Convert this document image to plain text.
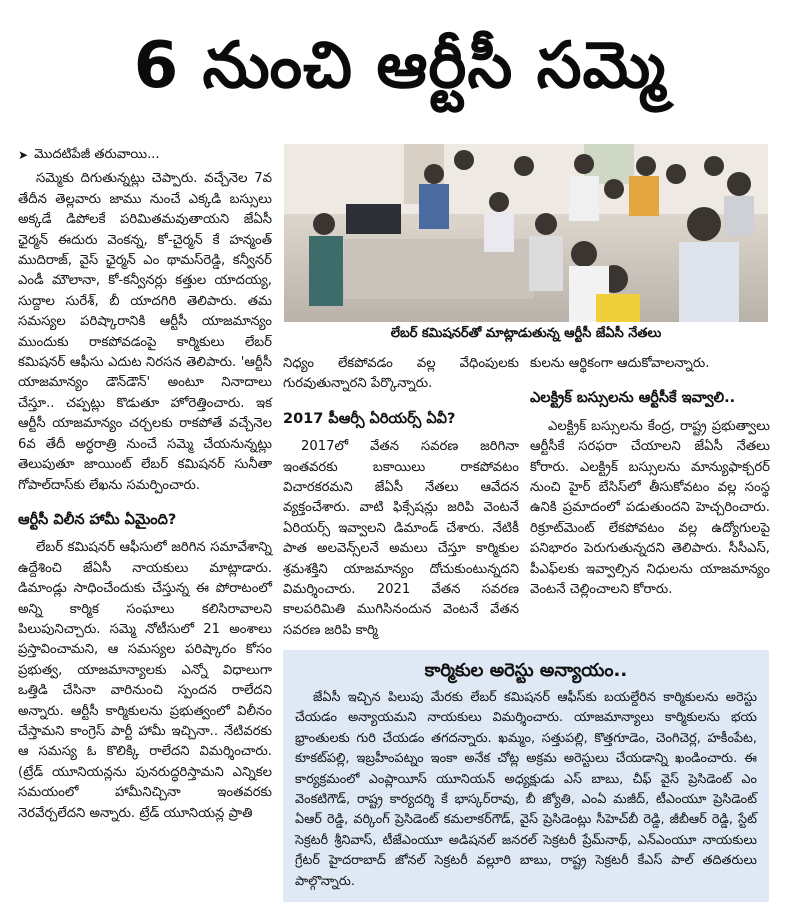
6 నుంచి ఆర్టీసీ సమ్మె
➤ మొదటిపేజీ తరువాయి...

సమ్మెకు దిగుతున్నట్లు చెప్పారు. వచ్చేనెల 7వ తేదీన తెల్లవారు జాము నుంచే ఎక్కడి బస్సులు అక్కడే డిపోలకే పరిమితమవుతాయని జేఏసీ ఛైర్మన్ ఈదురు వెంకన్న, కో-చైర్మన్ కే హన్మంత్ ముదిరాజ్, వైస్ ఛైర్మన్ ఎం థామస్‌రెడ్డి, కన్వీనర్ ఎండీ మౌలానా, కో-కన్వీనర్లు కత్తుల యాదయ్య, సుద్దాల సురేశ్, బీ యాదగిరి తెలిపారు. తమ సమస్యల పరిష్కారానికి ఆర్టీసీ యాజమాన్యం ముందుకు రాకపోవడంపై కార్మికులు లేబర్ కమిషనర్ ఆఫీసు ఎదుట నిరసన తెలిపారు. 'ఆర్టీసీ యాజమాన్యం డౌన్‌డౌన్' అంటూ నినాదాలు చేస్తూ.. చప్పట్లు కొడుతూ హోరెత్తించారు. ఇక ఆర్టీసీ యాజమాన్యం చర్చలకు రాకపోతే వచ్చేనెల 6వ తేదీ అర్ధరాత్రి నుంచే సమ్మె చేయనున్నట్లు తెలుపుతూ జాయింట్ లేబర్ కమిషనర్ సునీతా గోపాల్‌దాస్‌కు లేఖను సమర్పించారు.

ఆర్టీసీ విలీన హామీ ఏమైంది?

లేబర్ కమిషనర్ ఆఫీసులో జరిగిన సమావేశాన్ని ఉద్దేశించి జేఏసీ నాయకులు మాట్లాడారు. డిమాండ్లు సాధించేందుకు చేస్తున్న ఈ పోరాటంలో అన్ని కార్మిక సంఘాలు కలిసిరావాలని పిలుపునిచ్చారు. సమ్మె నోటీసులో 21 అంశాలు ప్రస్తావించామని, ఆ సమస్యల పరిష్కారం కోసం ప్రభుత్వ, యాజమాన్యాలకు ఎన్నో విధాలుగా ఒత్తిడి చేసినా వారినుంచి స్పందన రాలేదని అన్నారు. ఆర్టీసీ కార్మికులను ప్రభుత్వంలో విలీనం చేస్తామని కాంగ్రెస్ పార్టీ హామీ ఇచ్చినా.. నేటివరకు ఆ సమస్య ఓ కొలిక్కి రాలేదని విమర్శించారు. (ట్రేడ్ యూనియన్లను పునరుద్ధరిస్తామని ఎన్నికల సమయంలో హామీనిచ్చినా ఇంతవరకు నెరవేర్చలేదని అన్నారు. ట్రేడ్ యూనియన్ల ప్రాతి

లేబర్ కమిషనర్‌తో మాట్లాడుతున్న ఆర్టీసీ జేఏసీ నేతలు

నిధ్యం లేకపోవడం వల్ల వేధింపులకు గురవుతున్నారని పేర్కొన్నారు.

2017 పీఆర్సీ ఏరియర్స్ ఏవీ?

2017లో వేతన సవరణ జరిగినా ఇంతవరకు బకాయిలు రాకపోవటం విచారకరమని జేఏసీ నేతలు ఆవేదన వ్యక్తంచేశారు. వాటి ఫిక్సేషన్లు జరిపి వెంటనే ఏరియర్స్ ఇవ్వాలని డిమాండ్ చేశారు. నేటికీ పాత అలవెన్స్‌లనే అమలు చేస్తూ కార్మికుల శ్రమశక్తిని యాజమాన్యం దోచుకుంటున్నదని విమర్శించారు. 2021 వేతన సవరణ కాలపరిమితి ముగిసినందున వెంటనే వేతన సవరణ జరిపి కార్మి

కులను ఆర్థికంగా ఆదుకోవాలన్నారు.

ఎలక్ట్రిక్ బస్సులను ఆర్టీసీకే ఇవ్వాలి..

ఎలక్ట్రిక్ బస్సులను కేంద్ర, రాష్ట్ర ప్రభుత్వాలు ఆర్టీసీకే సరఫరా చేయాలని జేఏసీ నేతలు కోరారు. ఎలక్ట్రిక్ బస్సులను మాన్యుఫాక్చరర్ నుంచి హైర్ బేసిస్‌లో తీసుకోవటం వల్ల సంస్థ ఉనికి ప్రమాదంలో పడుతుందని హెచ్చరించారు. రిక్రూట్‌మెంట్ లేకపోవటం వల్ల ఉద్యోగులపై పనిభారం పెరుగుతున్నదని తెలిపారు. సీసీఎస్, పీఎఫ్‌లకు ఇవ్వాల్సిన నిధులను యాజమాన్యం వెంటనే చెల్లించాలని కోరారు.

కార్మికుల అరెస్టు అన్యాయం..

జేఏసీ ఇచ్చిన పిలుపు మేరకు లేబర్ కమిషనర్ ఆఫీస్‌కు బయల్దేరిన కార్మికులను అరెస్టు చేయడం అన్యాయమని నాయకులు విమర్శించారు. యాజమాన్యాలు కార్మికులను భయ భ్రాంతులకు గురి చేయడం తగదన్నారు. ఖమ్మం, సత్తుపల్లి, కొత్తగూడెం, చెంగిచెర్ల, హకీంపేట, కూకట్‌పల్లి, ఇబ్రహీంపట్నం ఇంకా అనేక చోట్ల అక్రమ అరెస్టులు చేయడాన్ని ఖండించారు. ఈ కార్యక్రమంలో ఎంప్లాయీస్ యూనియన్ అధ్యక్షుడు ఎస్ బాబు, చీఫ్ వైస్ ప్రెసిడెంట్ ఎం వెంకటిగౌడ్, రాష్ట్ర కార్యదర్శి కే భాస్కర్‌రావు, బీ జ్యోతి, ఎంఏ మజీద్, టీఎంయూ ప్రెసిడెంట్ ఏఆర్ రెడ్డి, వర్కింగ్ ప్రెసిడెంట్ కమలాకర్‌గౌడ్, వైస్ ప్రెసిడెంట్లు సీహెచ్‌బీ రెడ్డి, జీబీఆర్ రెడ్డి, స్టేట్ సెక్రటరీ శ్రీనివాస్, టీజేఎంయూ అడిషనల్ జనరల్ సెక్రటరీ ప్రేమ్‌నాథ్, ఎన్ఎంయూ నాయకులు గ్రేటర్ హైదరాబాద్ జోనల్ సెక్రటరీ వల్లూరి బాబు, రాష్ట్ర సెక్రటరీ కేఎస్ పాల్ తదితరులు పాల్గొన్నారు.
